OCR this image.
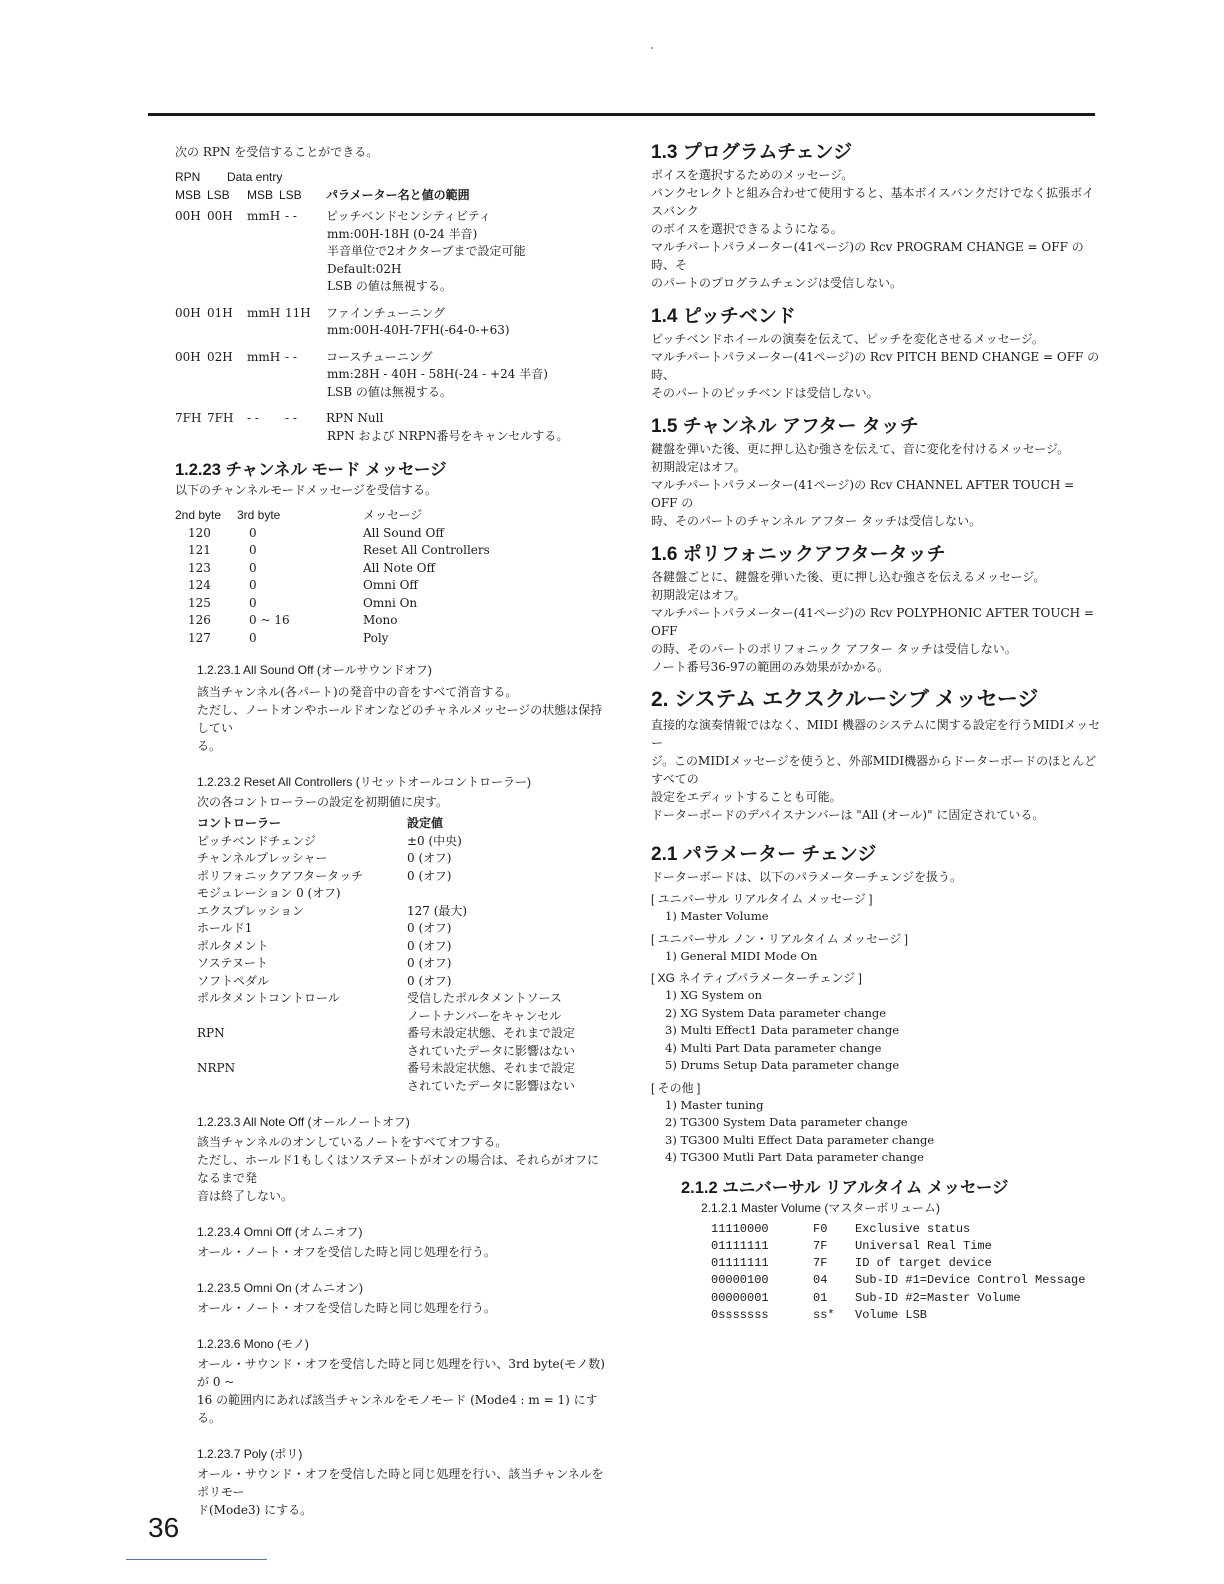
次の RPN を受信することができる。

RPN	Data entry
MSB LSB	MSB LSB	パラメーター名と値の範囲
00H 00H	mmH - -	ピッチベンドセンシティビティ
mm:00H-18H (0-24 半音)
半音単位で2オクターブまで設定可能
Default:02H
LSB の値は無視する。
00H 01H	mmH 11H	ファインチューニング
mm:00H-40H-7FH(-64-0-+63)
00H 02H	mmH - -	コースチューニング
mm:28H - 40H - 58H(-24 - +24 半音)
LSB の値は無視する。
7FH 7FH	- -	- -	RPN Null
RPN および NRPN番号をキャンセルする。

1.2.23 チャンネル モード メッセージ

以下のチャンネルモードメッセージを受信する。

2nd byte	3rd byte	メッセージ
120	0	All Sound Off
121	0	Reset All Controllers
123	0	All Note Off
124	0	Omni Off
125	0	Omni On
126	0 ~ 16	Mono
127	0	Poly

1.2.23.1 All Sound Off (オールサウンドオフ)

該当チャンネル(各パート)の発音中の音をすべて消音する。

ただし、ノートオンやホールドオンなどのチャネルメッセージの状態は保持してい

る。

1.2.23.2 Reset All Controllers (リセットオールコントローラー)

次の各コントローラーの設定を初期値に戻す。

コントローラー	設定値
ピッチベンドチェンジ	±0 (中央)
チャンネルプレッシャー	0 (オフ)
ポリフォニックアフタータッチ	0 (オフ)
モジュレーション 0 (オフ)
エクスプレッション	127 (最大)
ホールド1	0 (オフ)
ポルタメント	0 (オフ)
ソステヌート	0 (オフ)
ソフトペダル	0 (オフ)
ポルタメントコントロール	受信したポルタメントソース
ノートナンバーをキャンセル
RPN	番号未設定状態、それまで設定
されていたデータに影響はない
NRPN	番号未設定状態、それまで設定
されていたデータに影響はない

1.2.23.3 All Note Off (オールノートオフ)

該当チャンネルのオンしているノートをすべてオフする。

ただし、ホールド1もしくはソステヌートがオンの場合は、それらがオフになるまで発

音は終了しない。

1.2.23.4 Omni Off (オムニオフ)

オール・ノート・オフを受信した時と同じ処理を行う。

1.2.23.5 Omni On (オムニオン)

オール・ノート・オフを受信した時と同じ処理を行う。

1.2.23.6 Mono (モノ)

オール・サウンド・オフを受信した時と同じ処理を行い、3rd byte(モノ数)が 0 ~

16 の範囲内にあれば該当チャンネルをモノモード (Mode4 : m = 1) にする。

1.2.23.7 Poly (ポリ)

オール・サウンド・オフを受信した時と同じ処理を行い、該当チャンネルをポリモー

ド(Mode3) にする。

1.3 プログラムチェンジ

ボイスを選択するためのメッセージ。

バンクセレクトと組み合わせて使用すると、基本ボイスバンクだけでなく拡張ボイスバンク

のボイスを選択できるようになる。

マルチパートパラメーター(41ページ)の Rcv PROGRAM CHANGE = OFF の時、そ

のパートのプログラムチェンジは受信しない。

1.4 ピッチベンド

ピッチベンドホイールの演奏を伝えて、ピッチを変化させるメッセージ。

マルチパートパラメーター(41ページ)の Rcv PITCH BEND CHANGE = OFF の時、

そのパートのピッチベンドは受信しない。

1.5 チャンネル アフター タッチ

鍵盤を弾いた後、更に押し込む強さを伝えて、音に変化を付けるメッセージ。

初期設定はオフ。

マルチパートパラメーター(41ページ)の Rcv CHANNEL AFTER TOUCH = OFF の

時、そのパートのチャンネル アフター タッチは受信しない。

1.6 ポリフォニックアフタータッチ

各鍵盤ごとに、鍵盤を弾いた後、更に押し込む強さを伝えるメッセージ。

初期設定はオフ。

マルチパートパラメーター(41ページ)の Rcv POLYPHONIC AFTER TOUCH = OFF

の時、そのパートのポリフォニック アフター タッチは受信しない。

ノート番号36-97の範囲のみ効果がかかる。

2. システム エクスクルーシブ メッセージ

直接的な演奏情報ではなく、MIDI 機器のシステムに関する設定を行うMIDIメッセー

ジ。このMIDIメッセージを使うと、外部MIDI機器からドーターボードのほとんどすべての

設定をエディットすることも可能。

ドーターボードのデバイスナンバーは "All (オール)" に固定されている。

2.1 パラメーター チェンジ

ドーターボードは、以下のパラメーターチェンジを扱う。

[ ユニバーサル リアルタイム メッセージ ]

1) Master Volume

[ ユニバーサル ノン・リアルタイム メッセージ ]

1) General MIDI Mode On

[ XG ネイティブパラメーターチェンジ ]

1) XG System on

2) XG System Data parameter change

3) Multi Effect1 Data parameter change

4) Multi Part Data parameter change

5) Drums Setup Data parameter change

[ その他 ]

1) Master tuning

2) TG300 System Data parameter change

3) TG300 Multi Effect Data parameter change

4) TG300 Mutli Part Data parameter change

2.1.2 ユニバーサル リアルタイム メッセージ

2.1.2.1 Master Volume (マスターボリューム)

11110000	F0	Exclusive status
01111111	7F	Universal Real Time
01111111	7F	ID of target device
00000100	04	Sub-ID #1=Device Control Message
00000001	01	Sub-ID #2=Master Volume
0sssssss	ss*	Volume LSB
36
